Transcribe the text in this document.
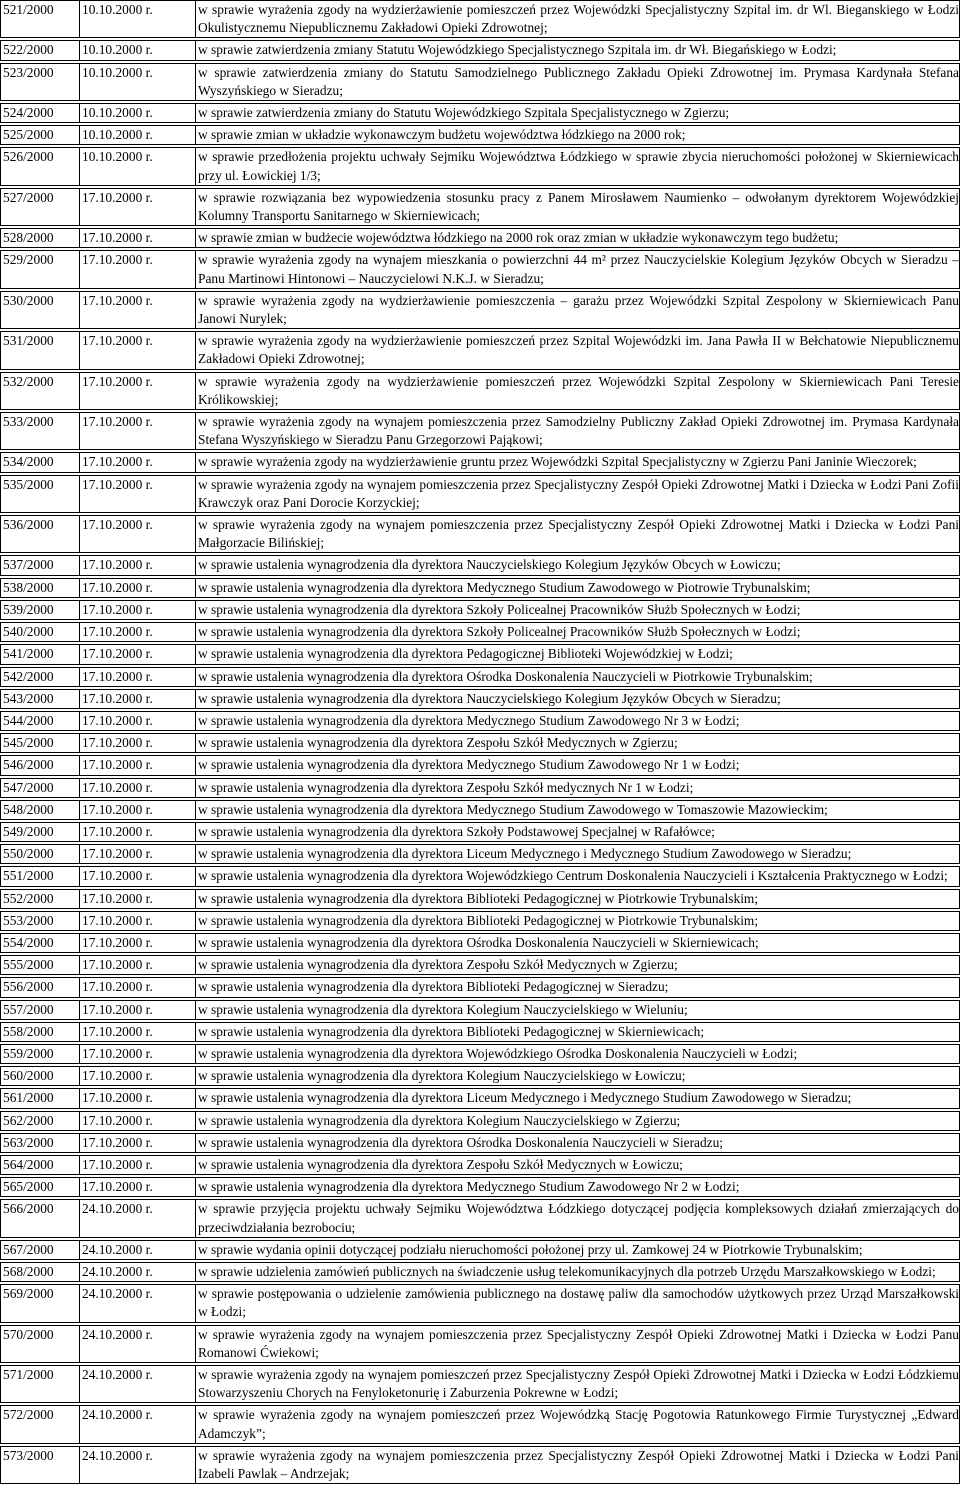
521/2000	10.10.2000 r.	w sprawie wyrażenia zgody na wydzierżawienie pomieszczeń przez Wojewódzki Specjalistyczny Szpital im. dr Wl. Bieganskiego w Łodzi Okulistycznemu Niepublicznemu Zakładowi Opieki Zdrowotnej;

522/2000	10.10.2000 r.	w sprawie zatwierdzenia zmiany Statutu Wojewódzkiego Specjalistycznego Szpitala im. dr Wł. Biegańskiego w Łodzi;

523/2000	10.10.2000 r.	w sprawie zatwierdzenia zmiany do Statutu Samodzielnego Publicznego Zakładu Opieki Zdrowotnej im. Prymasa Kardynała Stefana Wyszyńskiego w Sieradzu;

524/2000	10.10.2000 r.	w sprawie zatwierdzenia zmiany do Statutu Wojewódzkiego Szpitala Specjalistycznego w Zgierzu;

525/2000	10.10.2000 r.	w sprawie zmian w układzie wykonawczym budżetu województwa łódzkiego na 2000 rok;

526/2000	10.10.2000 r.	w sprawie przedłożenia projektu uchwały Sejmiku Województwa Łódzkiego w sprawie zbycia nieruchomości położonej w Skierniewicach przy ul. Łowickiej 1/3;

527/2000	17.10.2000 r.	w sprawie rozwiązania bez wypowiedzenia stosunku pracy z Panem Mirosławem Naumienko – odwołanym dyrektorem Wojewódzkiej Kolumny Transportu Sanitarnego w Skierniewicach;

528/2000	17.10.2000 r.	w sprawie zmian w budżecie województwa łódzkiego na 2000 rok oraz zmian w układzie wykonawczym tego budżetu;

529/2000	17.10.2000 r.	w sprawie wyrażenia zgody na wynajem mieszkania o powierzchni 44 m² przez Nauczycielskie Kolegium Języków Obcych w Sieradzu – Panu Martinowi Hintonowi – Nauczycielowi N.K.J. w Sieradzu;

530/2000	17.10.2000 r.	w sprawie wyrażenia zgody na wydzierżawienie pomieszczenia – garażu przez Wojewódzki Szpital Zespolony w Skierniewicach Panu Janowi Nurylek;

531/2000	17.10.2000 r.	w sprawie wyrażenia zgody na wydzierżawienie pomieszczeń przez Szpital Wojewódzki im. Jana Pawła II w Bełchatowie Niepublicznemu Zakładowi Opieki Zdrowotnej;

532/2000	17.10.2000 r.	w sprawie wyrażenia zgody na wydzierżawienie pomieszczeń przez Wojewódzki Szpital Zespolony w Skierniewicach Pani Teresie Królikowskiej;

533/2000	17.10.2000 r.	w sprawie wyrażenia zgody na wynajem pomieszczenia przez Samodzielny Publiczny Zakład Opieki Zdrowotnej im. Prymasa Kardynała Stefana Wyszyńskiego w Sieradzu Panu Grzegorzowi Pająkowi;

534/2000	17.10.2000 r.	w sprawie wyrażenia zgody na wydzierżawienie gruntu przez Wojewódzki Szpital Specjalistyczny w Zgierzu Pani Janinie Wieczorek;

535/2000	17.10.2000 r.	w sprawie wyrażenia zgody na wynajem pomieszczenia przez Specjalistyczny Zespół Opieki Zdrowotnej Matki i Dziecka w Łodzi Pani Zofii Krawczyk oraz Pani Dorocie Korzyckiej;

536/2000	17.10.2000 r.	w sprawie wyrażenia zgody na wynajem pomieszczenia przez Specjalistyczny Zespół Opieki Zdrowotnej Matki i Dziecka w Łodzi Pani Małgorzacie Bilińskiej;

537/2000	17.10.2000 r.	w sprawie ustalenia wynagrodzenia dla dyrektora Nauczycielskiego Kolegium Języków Obcych w Łowiczu;

538/2000	17.10.2000 r.	w sprawie ustalenia wynagrodzenia dla dyrektora Medycznego Studium Zawodowego w Piotrowie Trybunalskim;

539/2000	17.10.2000 r.	w sprawie ustalenia wynagrodzenia dla dyrektora Szkoły Policealnej Pracowników Służb Społecznych w Łodzi;

540/2000	17.10.2000 r.	w sprawie ustalenia wynagrodzenia dla dyrektora Szkoły Policealnej Pracowników Służb Społecznych w Łodzi;

541/2000	17.10.2000 r.	w sprawie ustalenia wynagrodzenia dla dyrektora Pedagogicznej Biblioteki Wojewódzkiej w Łodzi;

542/2000	17.10.2000 r.	w sprawie ustalenia wynagrodzenia dla dyrektora Ośrodka Doskonalenia Nauczycieli w Piotrkowie Trybunalskim;

543/2000	17.10.2000 r.	w sprawie ustalenia wynagrodzenia dla dyrektora Nauczycielskiego Kolegium Języków Obcych w Sieradzu;

544/2000	17.10.2000 r.	w sprawie ustalenia wynagrodzenia dla dyrektora Medycznego Studium Zawodowego Nr 3 w Łodzi;

545/2000	17.10.2000 r.	w sprawie ustalenia wynagrodzenia dla dyrektora Zespołu Szkół Medycznych w Zgierzu;

546/2000	17.10.2000 r.	w sprawie ustalenia wynagrodzenia dla dyrektora Medycznego Studium Zawodowego Nr 1 w Łodzi;

547/2000	17.10.2000 r.	w sprawie ustalenia wynagrodzenia dla dyrektora Zespołu Szkół medycznych Nr 1 w Łodzi;

548/2000	17.10.2000 r.	w sprawie ustalenia wynagrodzenia dla dyrektora Medycznego Studium Zawodowego w Tomaszowie Mazowieckim;

549/2000	17.10.2000 r.	w sprawie ustalenia wynagrodzenia dla dyrektora Szkoły Podstawowej Specjalnej w Rafałówce;

550/2000	17.10.2000 r.	w sprawie ustalenia wynagrodzenia dla dyrektora Liceum Medycznego i Medycznego Studium Zawodowego w Sieradzu;

551/2000	17.10.2000 r.	w sprawie ustalenia wynagrodzenia dla dyrektora Wojewódzkiego Centrum Doskonalenia Nauczycieli i Kształcenia Praktycznego w Łodzi;

552/2000	17.10.2000 r.	w sprawie ustalenia wynagrodzenia dla dyrektora Biblioteki Pedagogicznej w Piotrkowie Trybunalskim;

553/2000	17.10.2000 r.	w sprawie ustalenia wynagrodzenia dla dyrektora Biblioteki Pedagogicznej w Piotrkowie Trybunalskim;

554/2000	17.10.2000 r.	w sprawie ustalenia wynagrodzenia dla dyrektora Ośrodka Doskonalenia Nauczycieli w Skierniewicach;

555/2000	17.10.2000 r.	w sprawie ustalenia wynagrodzenia dla dyrektora Zespołu Szkół Medycznych w Zgierzu;

556/2000	17.10.2000 r.	w sprawie ustalenia wynagrodzenia dla dyrektora Biblioteki Pedagogicznej w Sieradzu;

557/2000	17.10.2000 r.	w sprawie ustalenia wynagrodzenia dla dyrektora Kolegium Nauczycielskiego w Wieluniu;

558/2000	17.10.2000 r.	w sprawie ustalenia wynagrodzenia dla dyrektora Biblioteki Pedagogicznej w Skierniewicach;

559/2000	17.10.2000 r.	w sprawie ustalenia wynagrodzenia dla dyrektora Wojewódzkiego Ośrodka Doskonalenia Nauczycieli w Łodzi;

560/2000	17.10.2000 r.	w sprawie ustalenia wynagrodzenia dla dyrektora Kolegium Nauczycielskiego w Łowiczu;

561/2000	17.10.2000 r.	w sprawie ustalenia wynagrodzenia dla dyrektora Liceum Medycznego i Medycznego Studium Zawodowego w Sieradzu;

562/2000	17.10.2000 r.	w sprawie ustalenia wynagrodzenia dla dyrektora Kolegium Nauczycielskiego w Zgierzu;

563/2000	17.10.2000 r.	w sprawie ustalenia wynagrodzenia dla dyrektora Ośrodka Doskonalenia Nauczycieli w Sieradzu;

564/2000	17.10.2000 r.	w sprawie ustalenia wynagrodzenia dla dyrektora Zespołu Szkół Medycznych w Łowiczu;

565/2000	17.10.2000 r.	w sprawie ustalenia wynagrodzenia dla dyrektora Medycznego Studium Zawodowego Nr 2 w Łodzi;

566/2000	24.10.2000 r.	w sprawie przyjęcia projektu uchwały Sejmiku Województwa Łódzkiego dotyczącej podjęcia kompleksowych działań zmierzających do przeciwdziałania bezrobociu;

567/2000	24.10.2000 r.	w sprawie wydania opinii dotyczącej podziału nieruchomości położonej przy ul. Zamkowej 24 w Piotrkowie Trybunalskim;

568/2000	24.10.2000 r.	w sprawie udzielenia zamówień publicznych na świadczenie usług telekomunikacyjnych dla potrzeb Urzędu Marszałkowskiego w Łodzi;

569/2000	24.10.2000 r.	w sprawie postępowania o udzielenie zamówienia publicznego na dostawę paliw dla samochodów użytkowych przez Urząd Marszałkowski w Łodzi;

570/2000	24.10.2000 r.	w sprawie wyrażenia zgody na wynajem pomieszczenia przez Specjalistyczny Zespół Opieki Zdrowotnej Matki i Dziecka w Łodzi Panu Romanowi Ćwiekowi;

571/2000	24.10.2000 r.	w sprawie wyrażenia zgody na wynajem pomieszczeń przez Specjalistyczny Zespół Opieki Zdrowotnej Matki i Dziecka w Łodzi Łódzkiemu Stowarzyszeniu Chorych na Fenyloketonurię i Zaburzenia Pokrewne w Łodzi;

572/2000	24.10.2000 r.	w sprawie wyrażenia zgody na wynajem pomieszczeń przez Wojewódzką Stację Pogotowia Ratunkowego Firmie Turystycznej „Edward Adamczyk”;

573/2000	24.10.2000 r.	w sprawie wyrażenia zgody na wynajem pomieszczenia przez Specjalistyczny Zespół Opieki Zdrowotnej Matki i Dziecka w Łodzi Pani Izabeli Pawlak – Andrzejak;
